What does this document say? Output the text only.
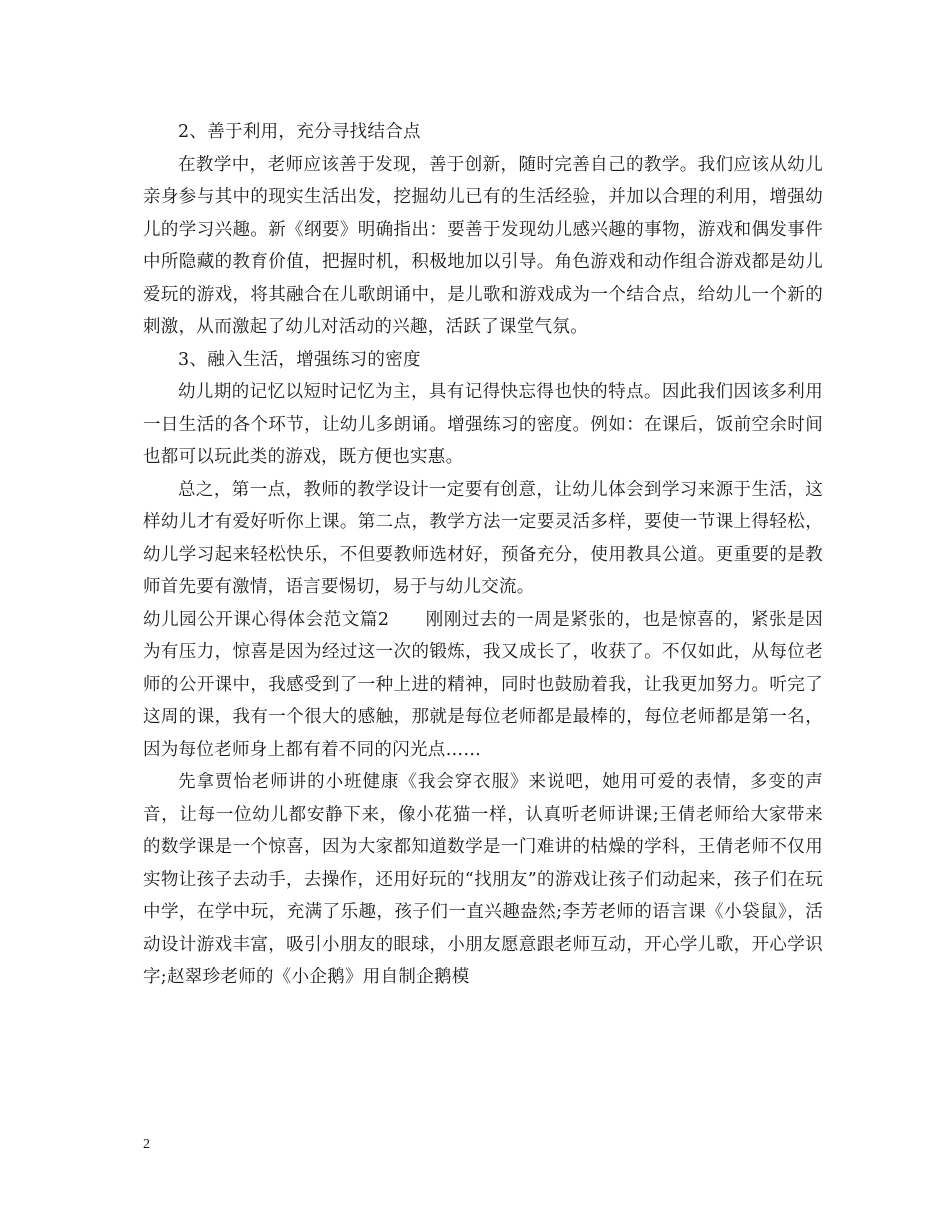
2、善于利用，充分寻找结合点

在教学中，老师应该善于发现，善于创新，随时完善自己的教学。我们应该从幼儿亲身参与其中的现实生活出发，挖掘幼儿已有的生活经验，并加以合理的利用，增强幼儿的学习兴趣。新《纲要》明确指出：要善于发现幼儿感兴趣的事物，游戏和偶发事件中所隐藏的教育价值，把握时机，积极地加以引导。角色游戏和动作组合游戏都是幼儿爱玩的游戏，将其融合在儿歌朗诵中，是儿歌和游戏成为一个结合点，给幼儿一个新的刺激，从而激起了幼儿对活动的兴趣，活跃了课堂气氛。

3、融入生活，增强练习的密度

幼儿期的记忆以短时记忆为主，具有记得快忘得也快的特点。因此我们因该多利用一日生活的各个环节，让幼儿多朗诵。增强练习的密度。例如：在课后，饭前空余时间也都可以玩此类的游戏，既方便也实惠。

总之，第一点，教师的教学设计一定要有创意，让幼儿体会到学习来源于生活，这样幼儿才有爱好听你上课。第二点，教学方法一定要灵活多样，要使一节课上得轻松，幼儿学习起来轻松快乐，不但要教师选材好，预备充分，使用教具公道。更重要的是教师首先要有激情，语言要惕切，易于与幼儿交流。

幼儿园公开课心得体会范文篇2　　刚刚过去的一周是紧张的，也是惊喜的，紧张是因为有压力，惊喜是因为经过这一次的锻炼，我又成长了，收获了。不仅如此，从每位老师的公开课中，我感受到了一种上进的精神，同时也鼓励着我，让我更加努力。听完了这周的课，我有一个很大的感触，那就是每位老师都是最棒的，每位老师都是第一名，因为每位老师身上都有着不同的闪光点……

先拿贾怡老师讲的小班健康《我会穿衣服》来说吧，她用可爱的表情，多变的声音，让每一位幼儿都安静下来，像小花猫一样，认真听老师讲课;王倩老师给大家带来的数学课是一个惊喜，因为大家都知道数学是一门难讲的枯燥的学科，王倩老师不仅用实物让孩子去动手，去操作，还用好玩的“找朋友”的游戏让孩子们动起来，孩子们在玩中学，在学中玩，充满了乐趣，孩子们一直兴趣盎然;李芳老师的语言课《小袋鼠》，活动设计游戏丰富，吸引小朋友的眼球，小朋友愿意跟老师互动，开心学儿歌，开心学识字;赵翠珍老师的《小企鹅》用自制企鹅模

2
